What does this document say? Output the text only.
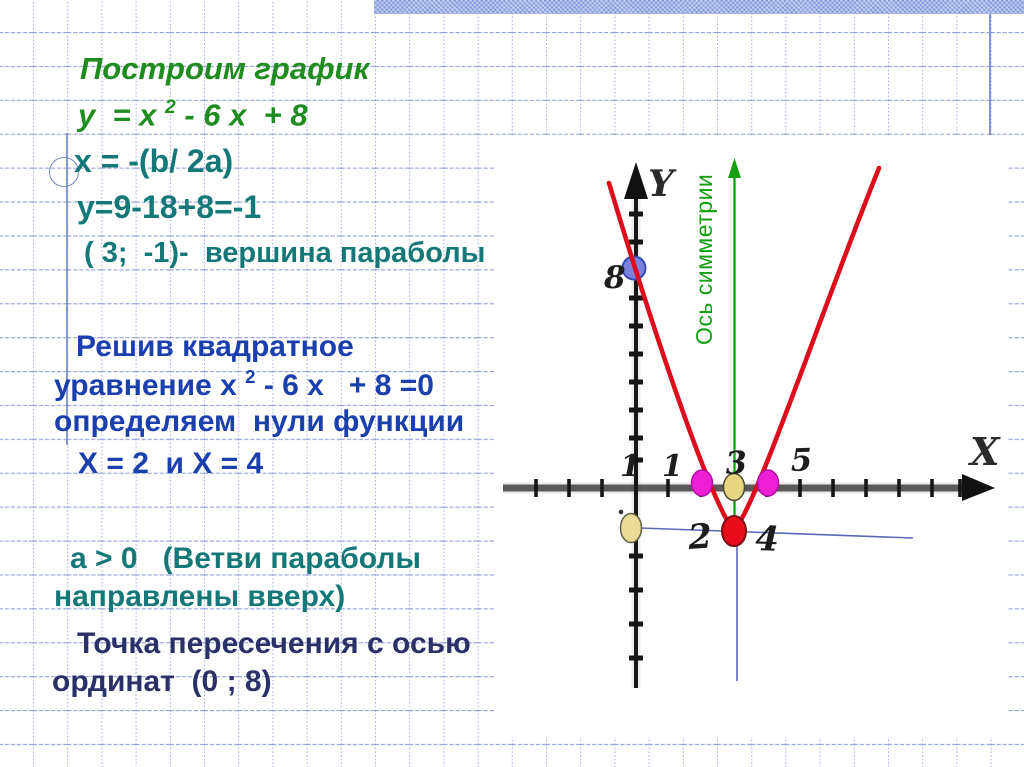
Ось симметрии
Y
X
8
1 1 3 5
2 4
Построим график
у  = х $^2$ - 6 х  + 8
х = -(b/ 2а)
у=9-18+8=-1
( 3;  -1)-  вершина параболы
Решив квадратное
уравнение х $^2$ - 6 х   + 8 =0
определяем  нули функции
Х = 2  и Х = 4
а > 0   (Ветви параболы
направлены вверх)
Точка пересечения с осью
ординат  (0 ; 8)
